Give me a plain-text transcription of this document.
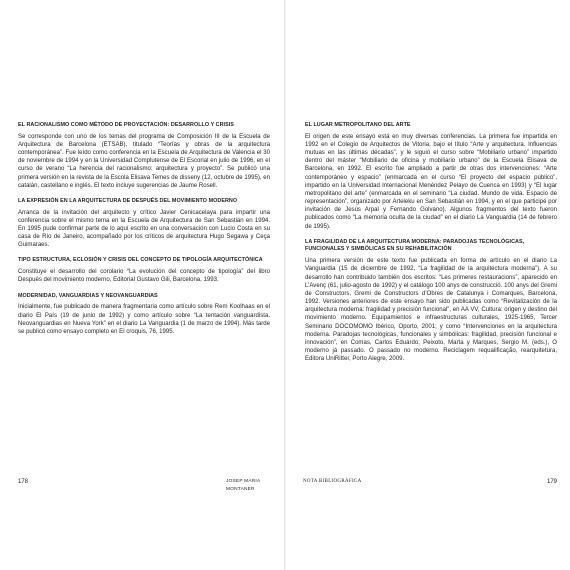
EL RACIONALISMO COMO MÉTODO DE PROYECTACIÓN: DESARROLLO Y CRISIS

Se corresponde con uno de los temas del programa de Composición III de la Escuela de Arquitectura de Barcelona (ETSAB), titulado “Teorías y obras de la arquitectura contemporánea”. Fue leído como conferencia en la Escuela de Arquitectura de Valencia el 30 de noviembre de 1994 y en la Universidad Complutense de El Escorial en julio de 1996, en el curso de verano “La herencia del racionalismo: arquitectura y proyecto”. Se publicó una primera versión en la revista de la Escola Elisava Temes de disseny (12, octubre de 1995), en catalán, castellano e inglés. El texto incluye sugerencias de Jaume Rosell.

LA EXPRESIÓN EN LA ARQUITECTURA DE DESPUÉS DEL MOVIMIENTO MODERNO

Arranca de la invitación del arquitecto y crítico Javier Cenicacelaya para impartir una conferencia sobre el mismo tema en la Escuela de Arquitectura de San Sebastián en 1994. En 1995 pude confirmar parte de lo aquí escrito en una conversación con Lucio Costa en su casa de Río de Janeiro, acompañado por los críticos de arquitectura Hugo Segawa y Ceça Guimaraes.

TIPO ESTRUCTURA, ECLOSIÓN Y CRISIS DEL CONCEPTO DE TIPOLOGÍA ARQUITECTÓNICA

Constituye el desarrollo del corolario “La evolución del concepto de tipología” del libro Después del movimiento moderno, Editorial Gustavo Gili, Barcelona, 1993.

MODERNIDAD, VANGUARDIAS Y NEOVANGUARDIAS

Inicialmente, fue publicado de manera fragmentaria como artículo sobre Rem Koolhaas en el diario El País (19 de junio de 1992) y como artículo sobre “La tentación vanguardista. Neovanguardias en Nueva York” en el diario La Vanguardia (1 de marzo de 1994). Más tarde se publicó como ensayo completo en El croquis, 76, 1995.

178	JOSEP MARIA MONTANER
EL LUGAR METROPOLITANO DEL ARTE

El origen de este ensayo está en muy diversas conferencias. La primera fue impartida en 1992 en el Colegio de Arquitectos de Vitoria, bajo el título “Arte y arquitectura. Influencias mutuas en las últimas décadas”, y le siguió el curso sobre “Mobiliario urbano” impartido dentro del máster “Mobiliario de oficina y mobiliario urbano” de la Escuela Elisava de Barcelona, en 1992. El escrito fue ampliado a partir de otras dos intervenciones: “Arte contemporáneo y espacio” (enmarcada en el curso “El proyecto del espacio público”, impartido en la Universidad Internacional Menéndez Pelayo de Cuenca en 1993) y “El lugar metropolitano del arte” (enmarcada en el seminario “La ciudad. Mundo de vida. Espacio de representación”, organizado por Arteleku en San Sebastián en 1994, y en el que participé por invitación de Jesús Arpal y Fernando Golvano). Algunos fragmentos del texto fueron publicados como “La memoria oculta de la ciudad” en el diario La Vanguardia (14 de febrero de 1995).

LA FRAGILIDAD DE LA ARQUITECTURA MODERNA: PARADOJAS TECNOLÓGICAS, FUNCIONALES Y SIMBÓLICAS EN SU REHABILITACIÓN

Una primera versión de este texto fue publicada en forma de artículo en el diario La Vanguardia (15 de diciembre de 1992, “La fragilidad de la arquitectura moderna”). A su desarrollo han contribuido también dos escritos: “Les primeres restauracions”, aparecido en L’Avenç (61, julio-agosto de 1992) y el catálogo 100 anys de construcció. 100 anys del Gremi de Constructors, Gremi de Constructors d’Obres de Catalunya i Comarques, Barcelona, 1992. Versiones anteriores de este ensayo han sido publicadas como “Revitalización de la arquitectura moderna: fragilidad y precisión funcional”, en AA VV, Cultura: origen y destino del movimiento moderno. Equipamientos e infraestructuras culturales, 1925-1965, Tercer Seminario DOCOMOMO Ibérico, Oporto, 2001; y como “Intervenciones en la arquitectura moderna. Paradojas tecnológicas, funcionales y simbólicas: fragilidad, precisión funcional e innovación”, en Comas, Carlos Eduardo; Peixoto, Marta y Marques, Sergio M. (eds.), O moderno já passado. O passado no moderno. Reciclagem requalificação, rearquitetura, Editora UniRitter, Porto Alegre, 2009.

NOTA BIBLIOGRÁFICA	179
